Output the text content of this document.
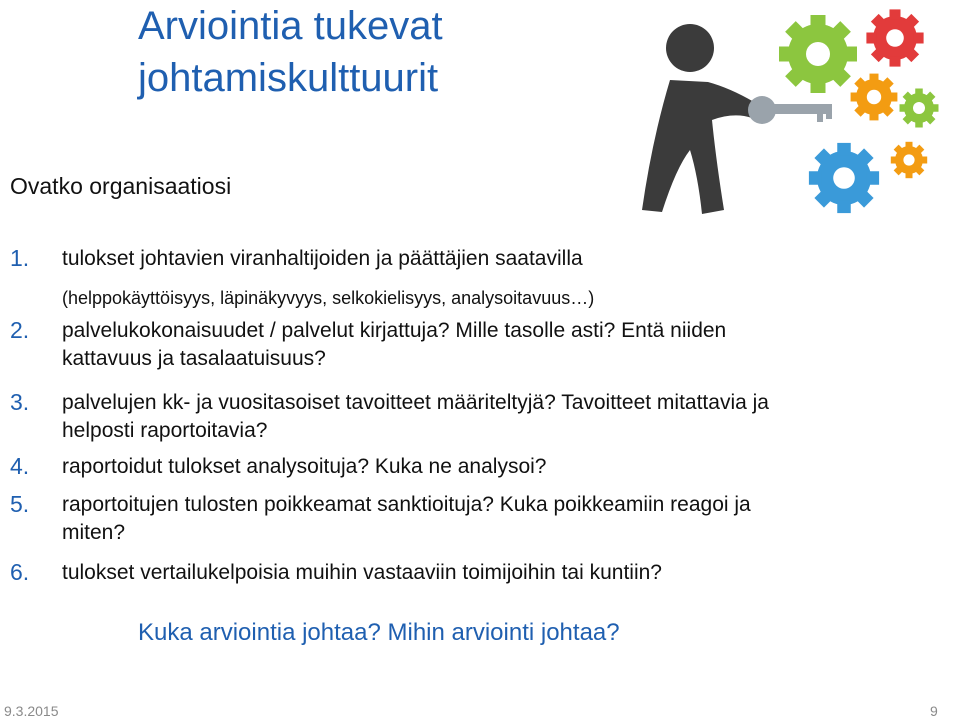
Arviointia tukevat
johtamiskulttuurit
Ovatko organisaatiosi
1. tulokset johtavien viranhaltijoiden ja päättäjien saatavilla
(helppokäyttöisyys, läpinäkyvyys, selkokielisyys, analysoitavuus…)
2. palvelukokonaisuudet / palvelut kirjattuja? Mille tasolle asti? Entä niiden
kattavuus ja tasalaatuisuus?
3. palvelujen kk- ja vuositasoiset tavoitteet määriteltyjä? Tavoitteet mitattavia ja
helposti raportoitavia?
4. raportoidut tulokset analysoituja? Kuka ne analysoi?
5. raportoitujen tulosten poikkeamat sanktioituja? Kuka poikkeamiin reagoi ja
miten?
6. tulokset vertailukelpoisia muihin vastaaviin toimijoihin tai kuntiin?
Kuka arviointia johtaa? Mihin arviointi johtaa?
9.3.2015	9
